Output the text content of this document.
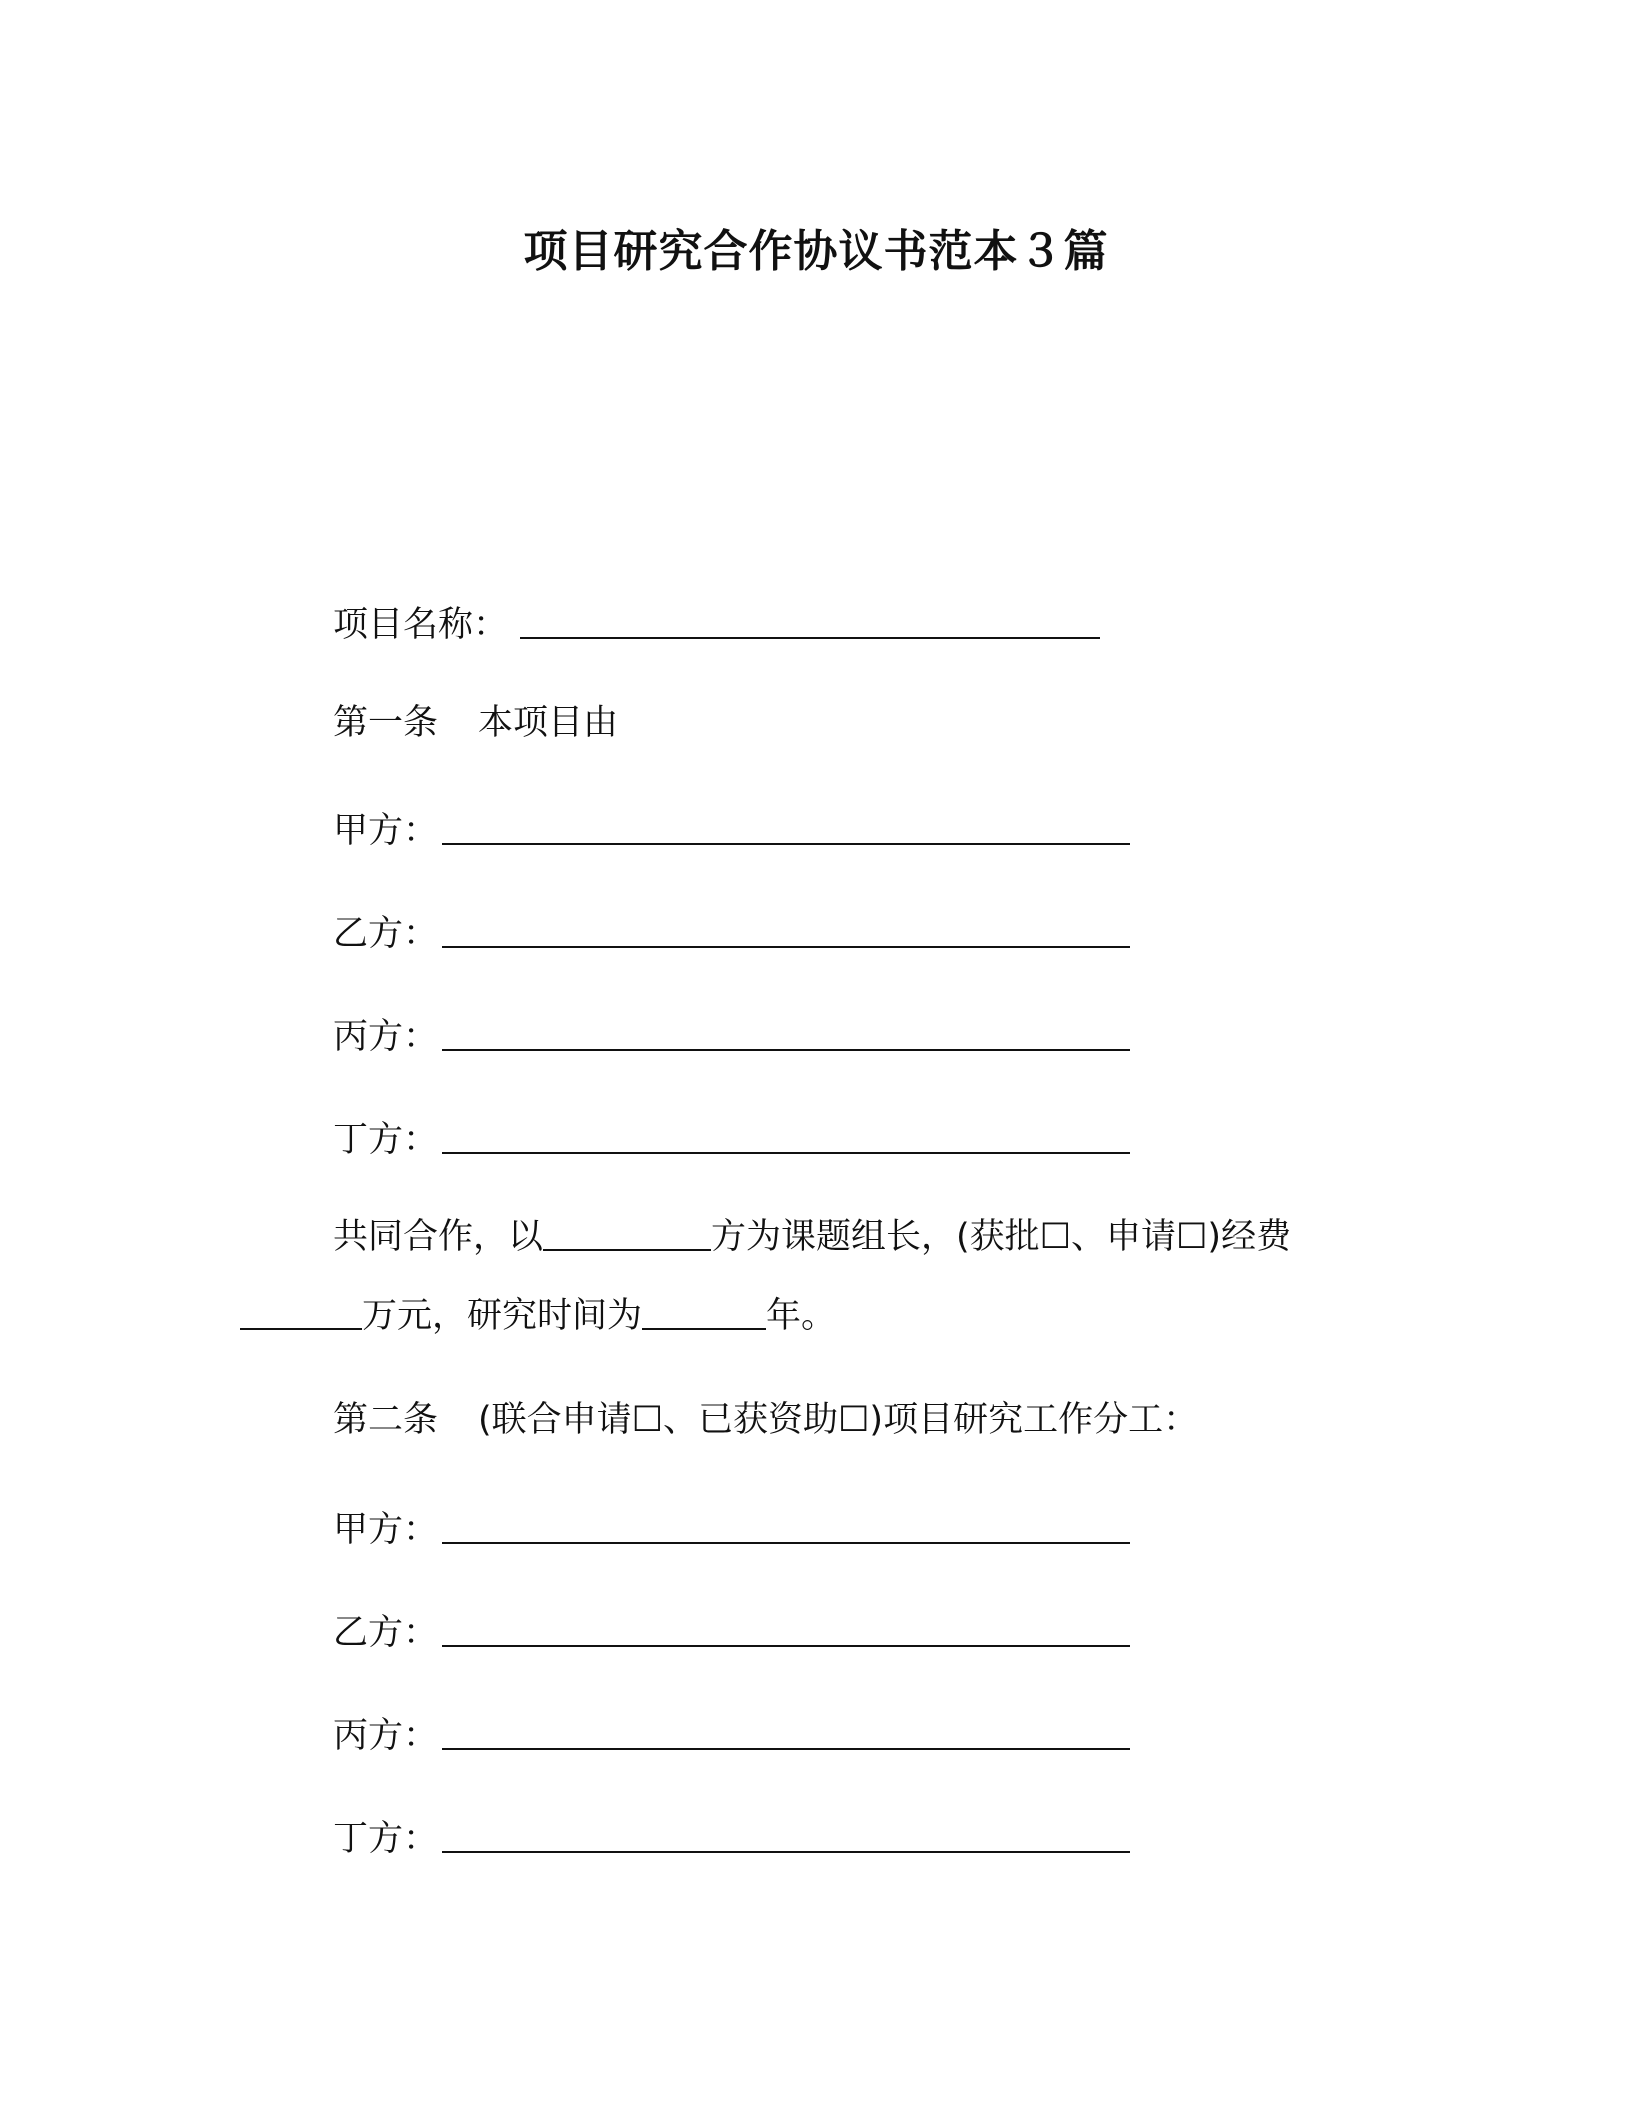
项目研究合作协议书范本３篇
项目名称：
第一条 本项目由
甲方：
乙方：
丙方：
丁方：
共同合作，以	方为课题组长，(获批☐、申请☐)经费
万元，研究时间为	年。
第二条 (联合申请☐、已获资助☐)项目研究工作分工：
甲方：
乙方：
丙方：
丁方：
